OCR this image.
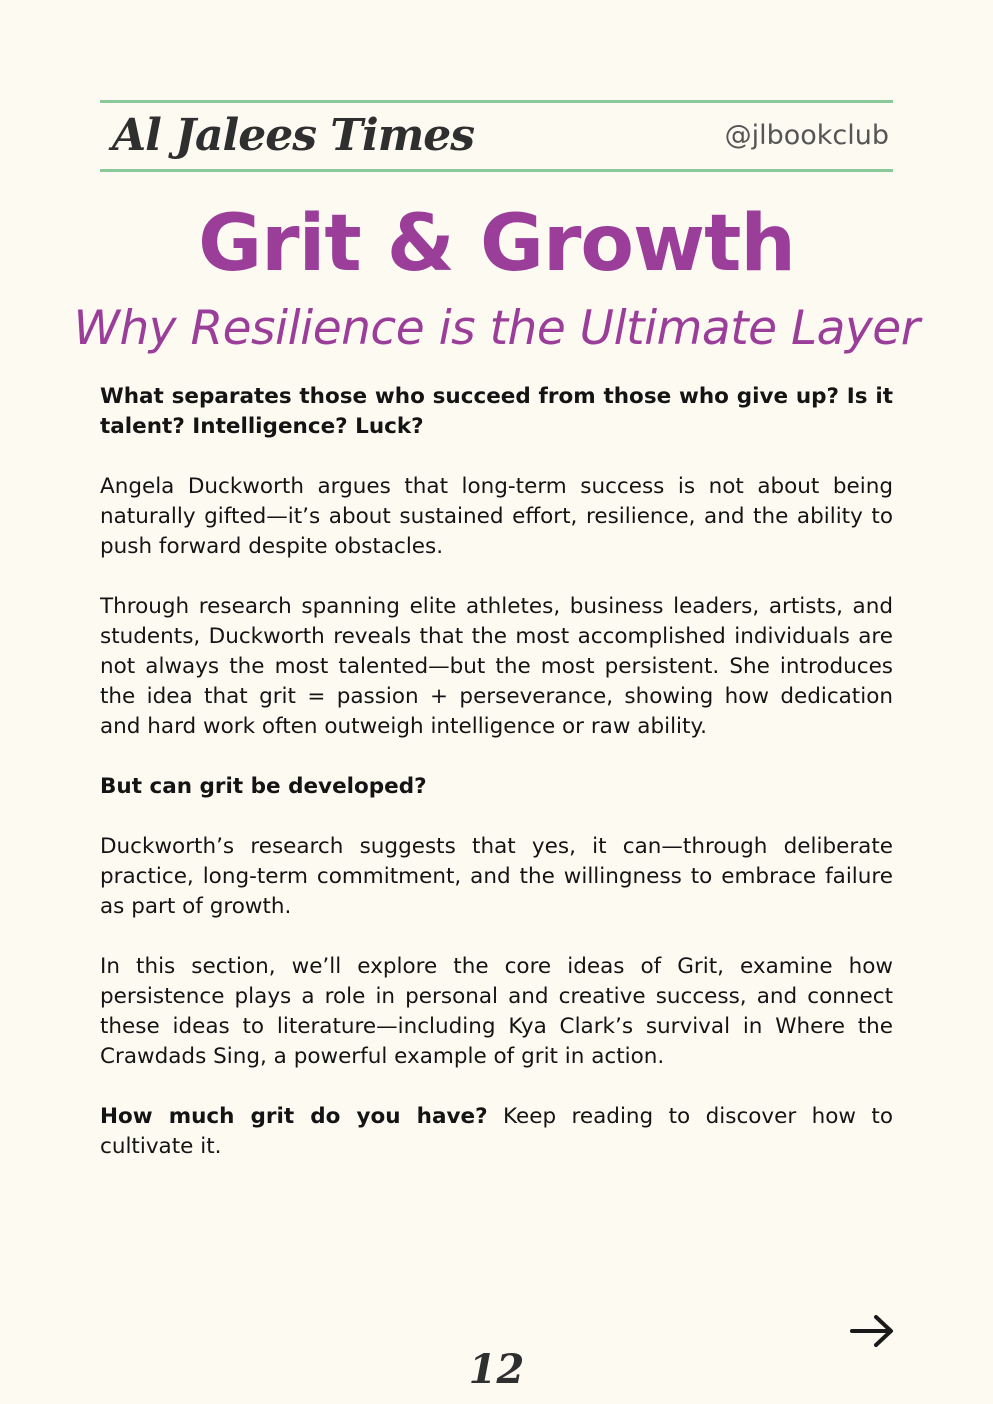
Al Jalees Times	@jlbookclub
Grit & Growth
Why Resilience is the Ultimate Layer

What separates those who succeed from those who give up? Is it talent? Intelligence? Luck?

Angela Duckworth argues that long-term success is not about being naturally gifted—it’s about sustained effort, resilience, and the ability to push forward despite obstacles.

Through research spanning elite athletes, business leaders, artists, and students, Duckworth reveals that the most accomplished individuals are not always the most talented—but the most persistent. She introduces the idea that grit = passion + perseverance, showing how dedication and hard work often outweigh intelligence or raw ability.

But can grit be developed?

Duckworth’s research suggests that yes, it can—through deliberate practice, long-term commitment, and the willingness to embrace failure as part of growth.

In this section, we’ll explore the core ideas of Grit, examine how persistence plays a role in personal and creative success, and connect these ideas to literature—including Kya Clark’s survival in Where the Crawdads Sing, a powerful example of grit in action.

How much grit do you have? Keep reading to discover how to cultivate it.

12
